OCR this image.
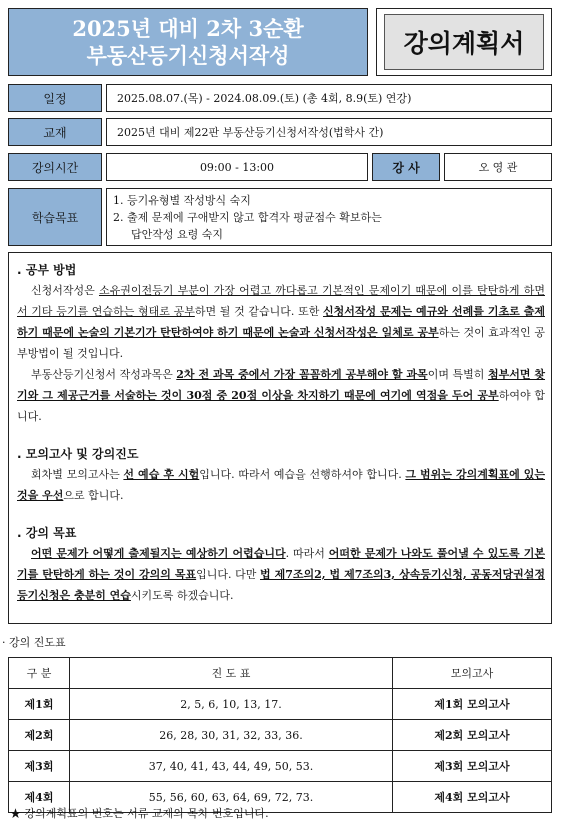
2025년 대비 2차 3순환
부동산등기신청서작성	강의계획서
일정	2025.08.07.(목) - 2024.08.09.(토) (총 4회, 8.9(토) 연강)
교재	2025년 대비 제22판 부동산등기신청서작성(법학사 간)
강의시간	09:00 - 13:00	강 사	오 영 관
학습목표
1. 등기유형별 작성방식 숙지
2. 출제 문제에 구애받지 않고 합격자 평균점수 확보하는
답안작성 요령 숙지
. 공부 방법
신청서작성은 소유권이전등기 부분이 가장 어렵고 까다롭고 기본적인 문제이기 때문에 이를 탄탄하게 하면서 기타 등기를 연습하는 형태로 공부하면 될 것 같습니다. 또한 신청서작성 문제는 예규와 선례를 기초로 출제하기 때문에 논술의 기본기가 탄탄하여야 하기 때문에 논술과 신청서작성은 일체로 공부하는 것이 효과적인 공부방법이 될 것입니다.
부동산등기신청서 작성과목은 2차 전 과목 중에서 가장 꼼꼼하게 공부해야 할 과목이며 특별히 첨부서면 찾기와 그 제공근거를 서술하는 것이 30점 중 20점 이상을 차지하기 때문에 여기에 역점을 두어 공부하여야 합니다.
. 모의고사 및 강의진도
회차별 모의고사는 선 예습 후 시험입니다. 따라서 예습을 선행하셔야 합니다. 그 범위는 강의계획표에 있는 것을 우선으로 합니다.
. 강의 목표
어떤 문제가 어떻게 출제될지는 예상하기 어렵습니다. 따라서 어떠한 문제가 나와도 풀어낼 수 있도록 기본기를 탄탄하게 하는 것이 강의의 목표입니다. 다만 법 제7조의2, 법 제7조의3, 상속등기신청, 공동저당권설정등기신청은 충분히 연습시키도록 하겠습니다.
· 강의 진도표
구 분	진 도 표	모의고사
제1회	2, 5, 6, 10, 13, 17.	제1회 모의고사
제2회	26, 28, 30, 31, 32, 33, 36.	제2회 모의고사
제3회	37, 40, 41, 43, 44, 49, 50, 53.	제3회 모의고사
제4회	55, 56, 60, 63, 64, 69, 72, 73.	제4회 모의고사
★ 강의계획표의 번호는 서류 교재의 목차 번호입니다.
